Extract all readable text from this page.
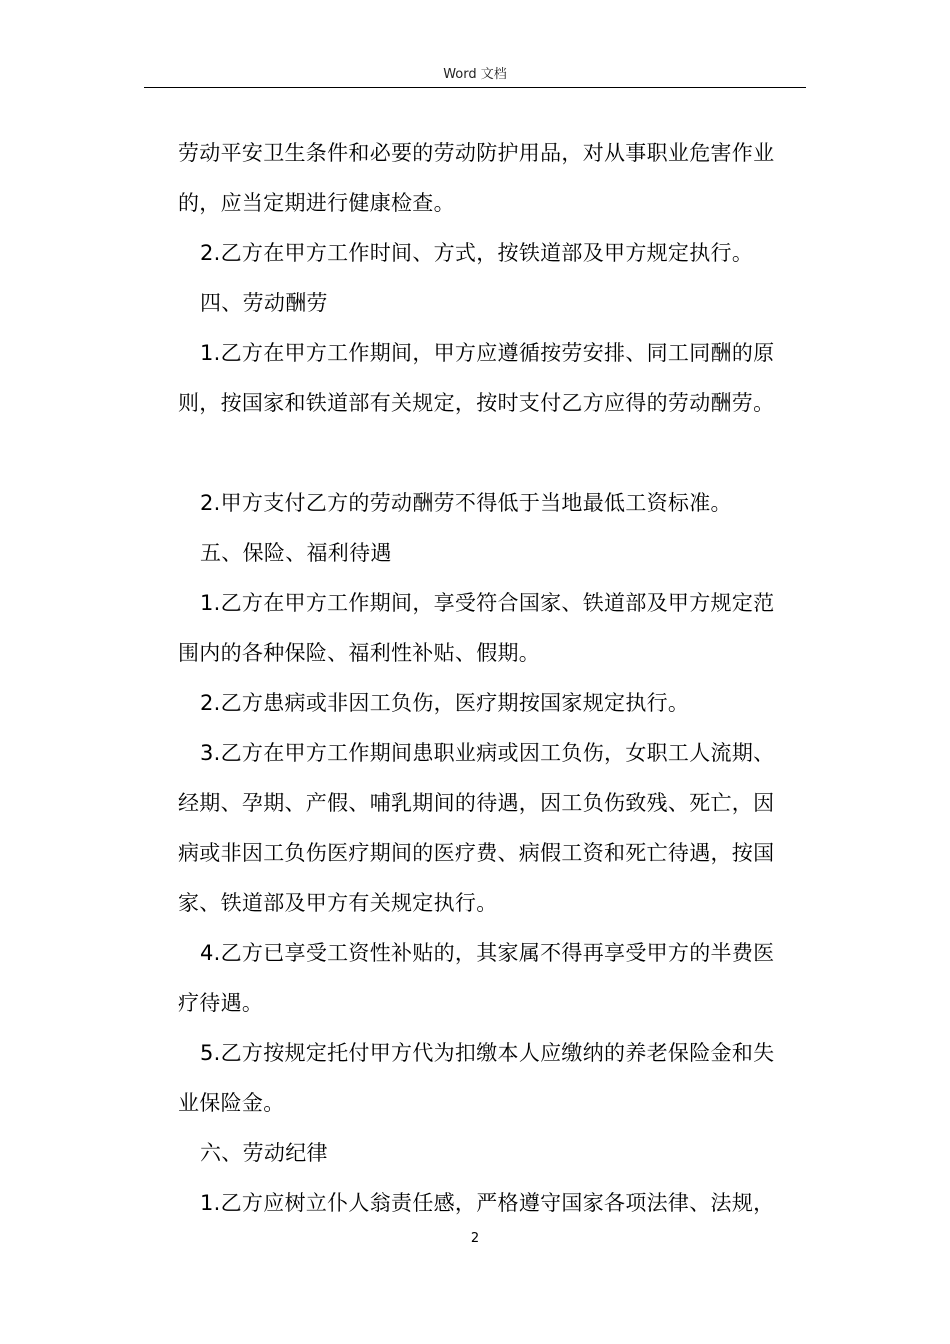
Word 文档

劳动平安卫生条件和必要的劳动防护用品，对从事职业危害作业

的，应当定期进行健康检查。

2.乙方在甲方工作时间、方式，按铁道部及甲方规定执行。

四、劳动酬劳

1.乙方在甲方工作期间，甲方应遵循按劳安排、同工同酬的原

则，按国家和铁道部有关规定，按时支付乙方应得的劳动酬劳。

2.甲方支付乙方的劳动酬劳不得低于当地最低工资标准。

五、保险、福利待遇

1.乙方在甲方工作期间，享受符合国家、铁道部及甲方规定范

围内的各种保险、福利性补贴、假期。

2.乙方患病或非因工负伤，医疗期按国家规定执行。

3.乙方在甲方工作期间患职业病或因工负伤，女职工人流期、

经期、孕期、产假、哺乳期间的待遇，因工负伤致残、死亡，因

病或非因工负伤医疗期间的医疗费、病假工资和死亡待遇，按国

家、铁道部及甲方有关规定执行。

4.乙方已享受工资性补贴的，其家属不得再享受甲方的半费医

疗待遇。

5.乙方按规定托付甲方代为扣缴本人应缴纳的养老保险金和失

业保险金。

六、劳动纪律

1.乙方应树立仆人翁责任感，严格遵守国家各项法律、法规，

2
